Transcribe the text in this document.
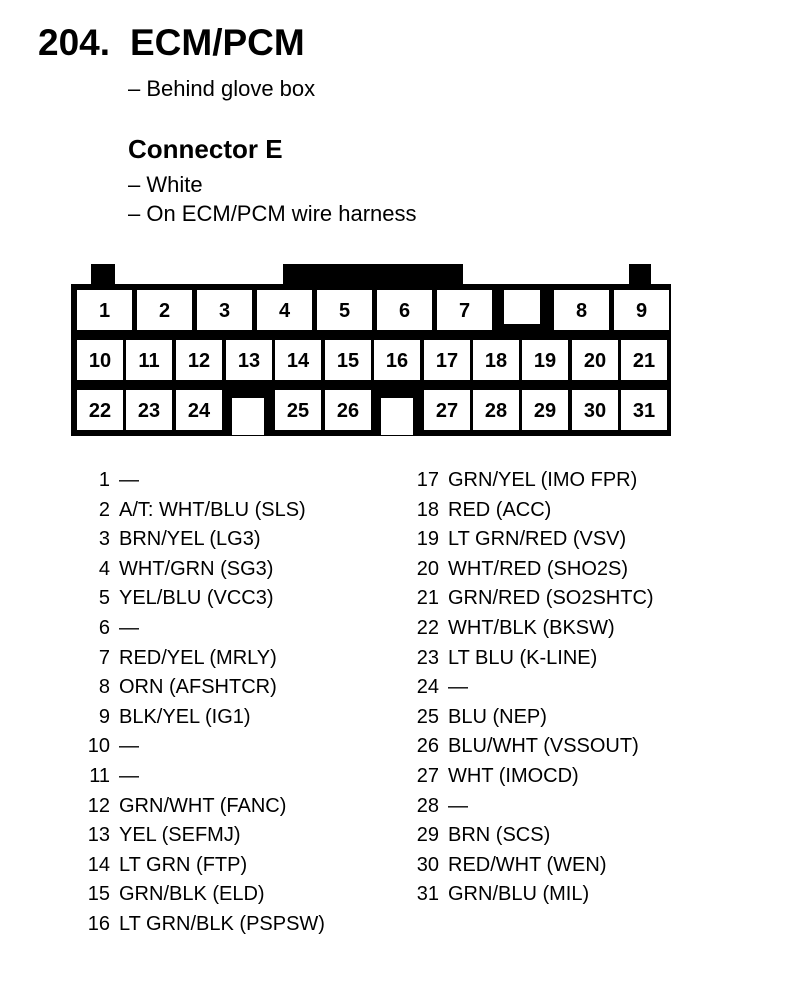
204. ECM/PCM
– Behind glove box
Connector E
– White
– On ECM/PCM wire harness
1 2 3 4 5 6 7	8 9
10 11 12 13 14 15 16 17 18 19 20 21
22 23 24	25 26	27 28 29 30 31
1 —
2 A/T: WHT/BLU (SLS)
3 BRN/YEL (LG3)
4 WHT/GRN (SG3)
5 YEL/BLU (VCC3)
6 —
7 RED/YEL (MRLY)
8 ORN (AFSHTCR)
9 BLK/YEL (IG1)
10 —
11 —
12 GRN/WHT (FANC)
13 YEL (SEFMJ)
14 LT GRN (FTP)
15 GRN/BLK (ELD)
16 LT GRN/BLK (PSPSW)
17 GRN/YEL (IMO FPR)
18 RED (ACC)
19 LT GRN/RED (VSV)
20 WHT/RED (SHO2S)
21 GRN/RED (SO2SHTC)
22 WHT/BLK (BKSW)
23 LT BLU (K-LINE)
24 —
25 BLU (NEP)
26 BLU/WHT (VSSOUT)
27 WHT (IMOCD)
28 —
29 BRN (SCS)
30 RED/WHT (WEN)
31 GRN/BLU (MIL)
